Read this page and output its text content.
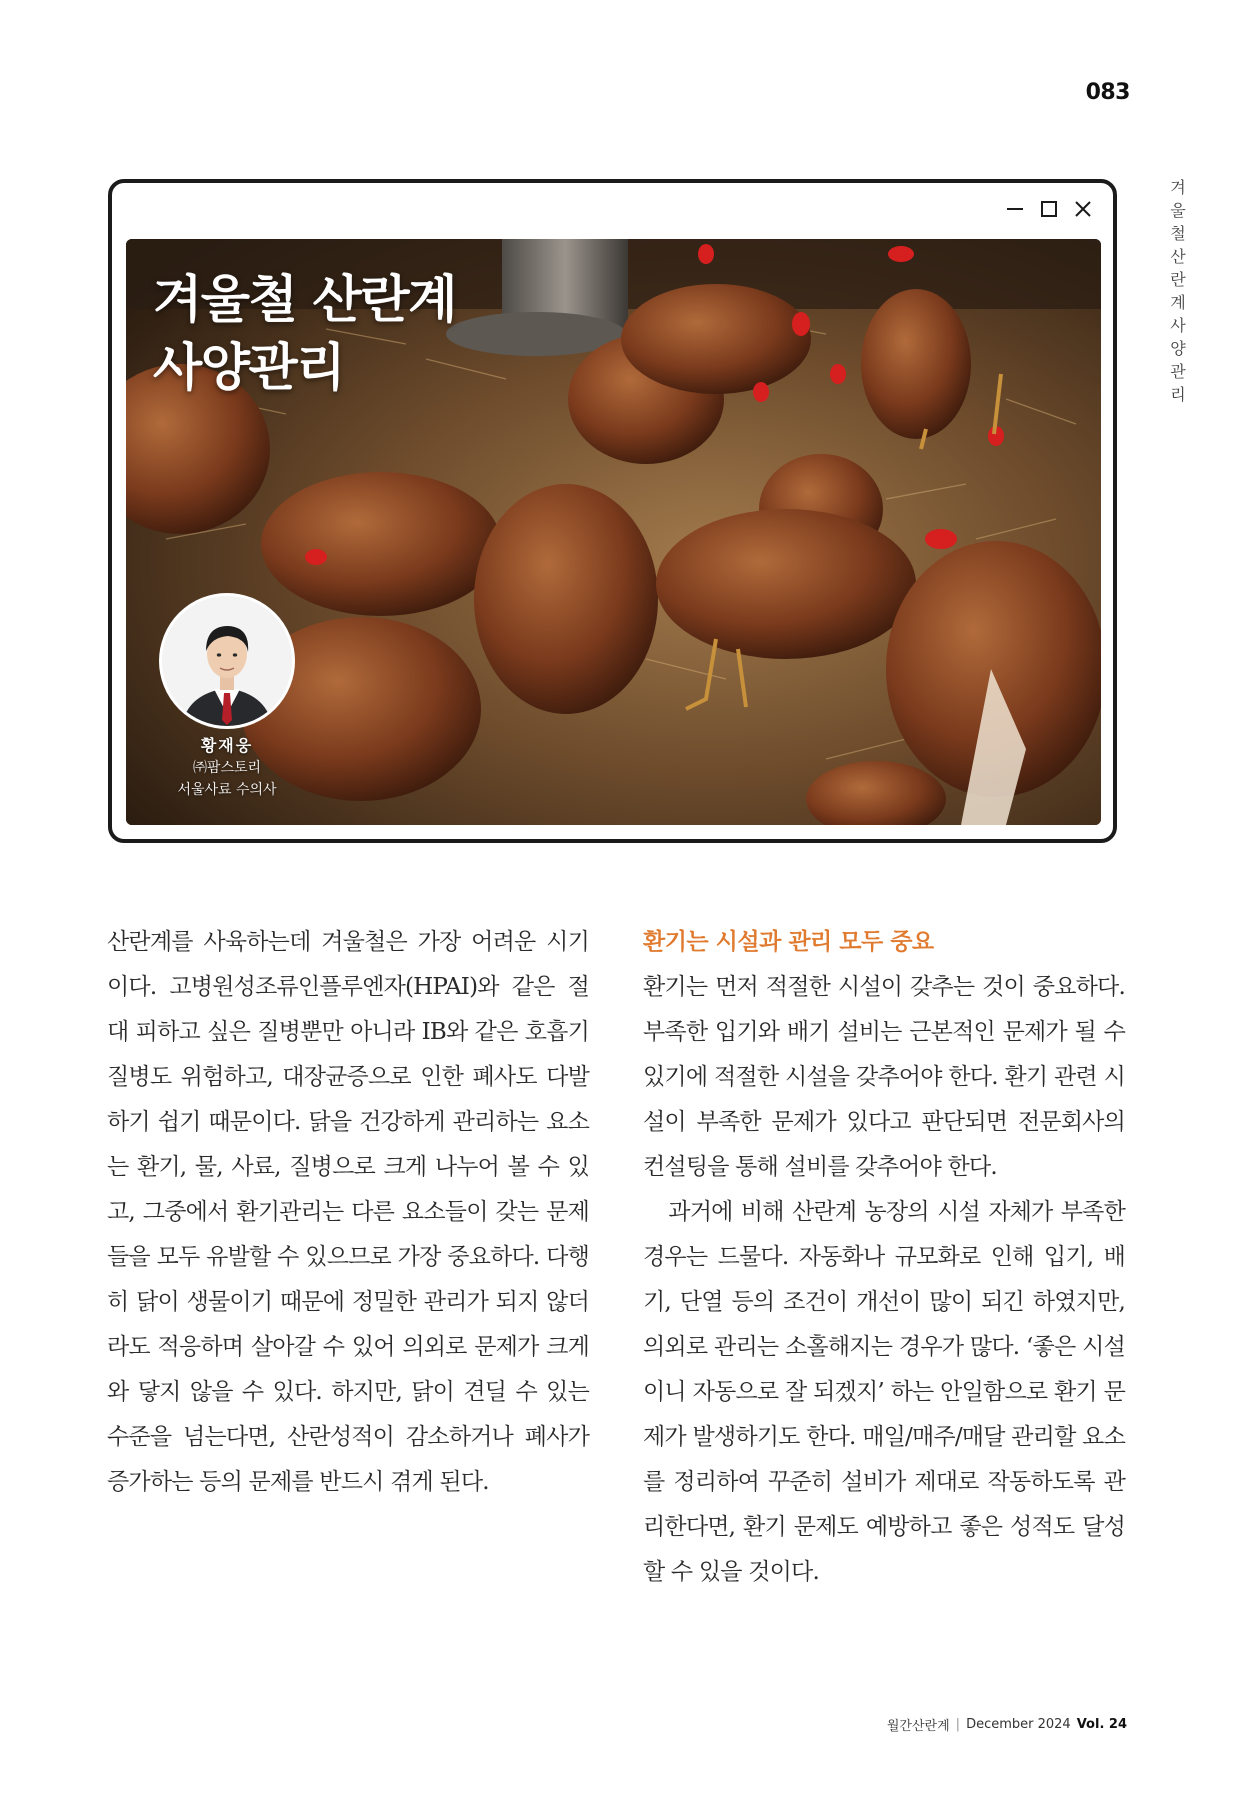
083
겨울철 산란계사양관리
겨울철 산란계
사양관리
황재웅
㈜팜스토리
서울사료 수의사

산란계를 사육하는데 겨울철은 가장 어려운 시기이다. 고병원성조류인플루엔자(HPAI)와 같은 절대 피하고 싶은 질병뿐만 아니라 IB와 같은 호흡기질병도 위험하고, 대장균증으로 인한 폐사도 다발하기 쉽기 때문이다. 닭을 건강하게 관리하는 요소는 환기, 물, 사료, 질병으로 크게 나누어 볼 수 있고, 그중에서 환기관리는 다른 요소들이 갖는 문제들을 모두 유발할 수 있으므로 가장 중요하다. 다행히 닭이 생물이기 때문에 정밀한 관리가 되지 않더라도 적응하며 살아갈 수 있어 의외로 문제가 크게 와 닿지 않을 수 있다. 하지만, 닭이 견딜 수 있는 수준을 넘는다면, 산란성적이 감소하거나 폐사가 증가하는 등의 문제를 반드시 겪게 된다.

환기는 시설과 관리 모두 중요

환기는 먼저 적절한 시설이 갖추는 것이 중요하다. 부족한 입기와 배기 설비는 근본적인 문제가 될 수 있기에 적절한 시설을 갖추어야 한다. 환기 관련 시설이 부족한 문제가 있다고 판단되면 전문회사의 컨설팅을 통해 설비를 갖추어야 한다.

과거에 비해 산란계 농장의 시설 자체가 부족한 경우는 드물다. 자동화나 규모화로 인해 입기, 배기, 단열 등의 조건이 개선이 많이 되긴 하였지만, 의외로 관리는 소홀해지는 경우가 많다. ‘좋은 시설이니 자동으로 잘 되겠지’ 하는 안일함으로 환기 문제가 발생하기도 한다. 매일/매주/매달 관리할 요소를 정리하여 꾸준히 설비가 제대로 작동하도록 관리한다면, 환기 문제도 예방하고 좋은 성적도 달성할 수 있을 것이다.

월간산란계 | December 2024 Vol. 24
